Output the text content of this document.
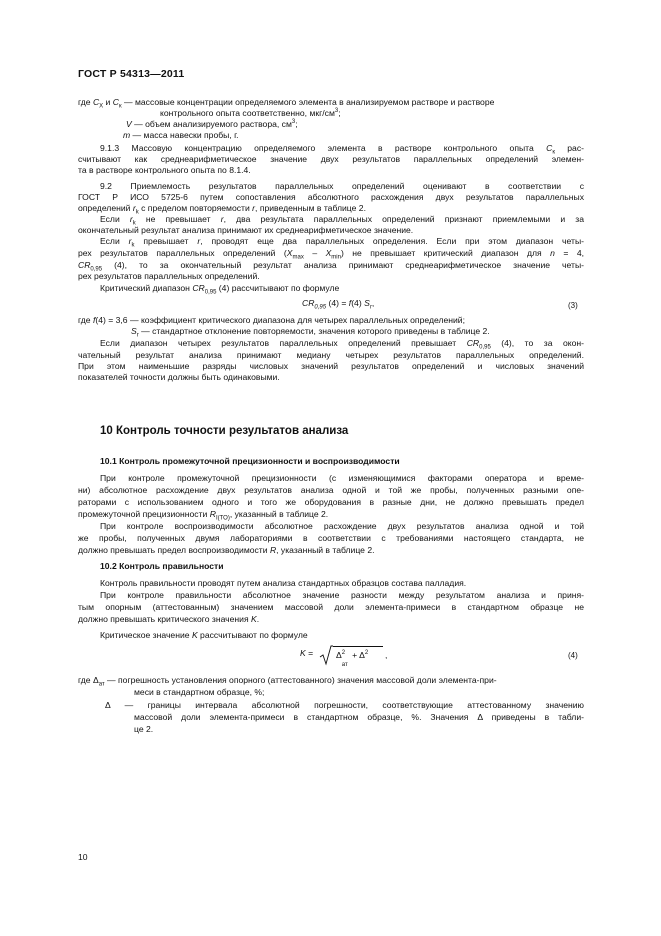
ГОСТ Р 54313—2011
где $C_X$ и $C_к$ — массовые концентрации определяемого элемента в анализируемом растворе и растворе
контрольного опыта соответственно, мкг/$см^3$;
V — объем анализируемого раствора, $см^3$;
m — масса навески пробы, г.
9.1.3 Массовую концентрацию определяемого элемента в растворе контрольного опыта $C_к$ рас-
считывают как среднеарифметическое значение двух результатов параллельных определений элемен-
та в растворе контрольного опыта по 8.1.4.
9.2 Приемлемость результатов параллельных определений оценивают в соответствии с
ГОСТ Р ИСО 5725-6 путем сопоставления абсолютного расхождения двух результатов параллельных
определений $r_k$ с пределом повторяемости r, приведенным в таблице 2.
Если $r_k$ не превышает r, два результата параллельных определений признают приемлемыми и за
окончательный результат анализа принимают их среднеарифметическое значение.
Если $r_k$ превышает r, проводят еще два параллельных определения. Если при этом диапазон четы-
рех результатов параллельных определений $(X_{max} - X_{min})$ не превышает критический диапазон для n = 4,
$CR_{0,95}$ (4), то за окончательный результат анализа принимают среднеарифметическое значение четы-
рех результатов параллельных определений.
Критический диапазон $CR_{0,95}$ (4) рассчитывают по формуле
$CR_{0,95}$ (4) = f(4) $S_r$,	(3)
где f(4) = 3,6 — коэффициент критического диапазона для четырех параллельных определений;
$S_r$ — стандартное отклонение повторяемости, значения которого приведены в таблице 2.
Если диапазон четырех результатов параллельных определений превышает $CR_{0,95}$ (4), то за окон-
чательный результат анализа принимают медиану четырех результатов параллельных определений.
При этом наименьшие разряды числовых значений результатов определений и числовых значений
показателей точности должны быть одинаковыми.
10 Контроль точности результатов анализа
10.1 Контроль промежуточной прецизионности и воспроизводимости
При контроле промежуточной прецизионности (с изменяющимися факторами оператора и време-
ни) абсолютное расхождение двух результатов анализа одной и той же пробы, полученных разными опе-
раторами с использованием одного и того же оборудования в разные дни, не должно превышать предел
промежуточной прецизионности $R_{I(TO)}$, указанный в таблице 2.
При контроле воспроизводимости абсолютное расхождение двух результатов анализа одной и той
же пробы, полученных двумя лабораториями в соответствии с требованиями настоящего стандарта, не
должно превышать предел воспроизводимости R, указанный в таблице 2.
10.2 Контроль правильности
Контроль правильности проводят путем анализа стандартных образцов состава палладия.
При контроле правильности абсолютное значение разности между результатом анализа и приня-
тым опорным (аттестованным) значением массовой доли элемента-примеси в стандартном образце не
должно превышать критического значения K.
Критическое значение K рассчитывают по формуле
K =	Δ 2
ат
+ $\Delta^2$ ,	(4)
где $\Delta_{ат}$ — погрешность установления опорного (аттестованного) значения массовой доли элемента-при-
меси в стандартном образце, %;
Δ — границы интервала абсолютной погрешности, соответствующие аттестованному значению
массовой доли элемента-примеси в стандартном образце, %. Значения Δ приведены в табли-
це 2.
10
